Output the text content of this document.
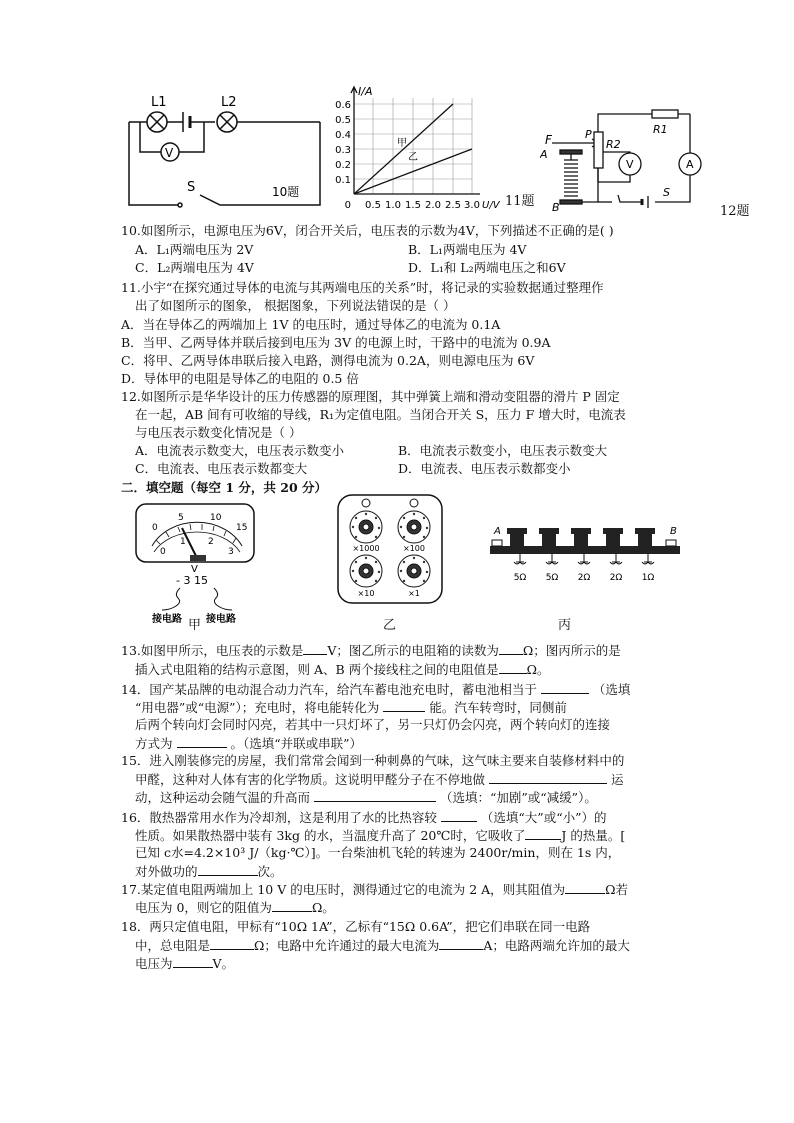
L1	L2
V
S	10题
I/A
甲
乙
0.6
0.5
0.4
0.3
0.2
0.1
0 0.5 1.0 1.5 2.0 2.5 3.0 U/V 11题
F
A
B
P
R2
R1
V	A
S
12题
10.如图所示，电源电压为6V，闭合开关后，电压表的示数为4V，下列描述不正确的是( )
A．L₁两端电压为 2V	B．L₁两端电压为 4V
C．L₂两端电压为 4V	D．L₁和 L₂两端电压之和6V
11.小宇“在探究通过导体的电流与其两端电压的关系”时，将记录的实验数据通过整理作
出了如图所示的图象， 根据图象，下列说法错误的是（ ）
A．当在导体乙的两端加上 1V 的电压时，通过导体乙的电流为 0.1A
B．当甲、乙两导体并联后接到电压为 3V 的电源上时，干路中的电流为 0.9A
C．将甲、乙两导体串联后接入电路，测得电流为 0.2A，则电源电压为 6V
D．导体甲的电阻是导体乙的电阻的 0.5 倍
12.如图所示是华华设计的压力传感器的原理图，其中弹簧上端和滑动变阻器的滑片 P 固定
在一起，AB 间有可收缩的导线，R₁为定值电阻。当闭合开关 S，压力 F 增大时，电流表
与电压表示数变化情况是（ ）
A．电流表示数变大，电压表示数变小	B．电流表示数变小，电压表示数变大
C．电流表、电压表示数都变大	D．电流表、电压表示数都变小
二．填空题（每空 1 分，共 20 分）
0
5	10
15
0
1 2
3
V
- 3 15
接电路 接电路
甲
×1000	×100
×10	×1
乙
A	B
5Ω 5Ω 2Ω 2Ω 1Ω
丙
13.如图甲所示，电压表的示数是 V；图乙所示的电阻箱的读数为 Ω；图丙所示的是
插入式电阻箱的结构示意图，则 A、B 两个接线柱之间的电阻值是 Ω。
14．国产某品牌的电动混合动力汽车，给汽车蓄电池充电时，蓄电池相当于	（选填
“用电器”或“电源”）；充电时，将电能转化为	能。汽车转弯时，同侧前
后两个转向灯会同时闪亮，若其中一只灯坏了，另一只灯仍会闪亮，两个转向灯的连接
方式为	。（选填“并联或串联”）
15．进入刚装修完的房屋，我们常常会闻到一种刺鼻的气味，这气味主要来自装修材料中的
甲醛，这种对人体有害的化学物质。这说明甲醛分子在不停地做	运
动，这种运动会随气温的升高而	（选填：“加剧”或“减缓”）。
16．散热器常用水作为冷却剂，这是利用了水的比热容较	（选填“大”或“小”）的
性质。如果散热器中装有 3kg 的水，当温度升高了 20℃时，它吸收了	J 的热量。[
已知 c水=4.2×10³ J/（kg·℃）]。一台柴油机飞轮的转速为 2400r/min，则在 1s 内，
对外做功的	次。
17.某定值电阻两端加上 10 V 的电压时，测得通过它的电流为 2 A，则其阻值为	Ω若
电压为 0，则它的阻值为	Ω。
18．两只定值电阻，甲标有“10Ω 1A”，乙标有“15Ω 0.6A”，把它们串联在同一电路
中，总电阻是	Ω；电路中允许通过的最大电流为	A；电路两端允许加的最大
电压为	V。
